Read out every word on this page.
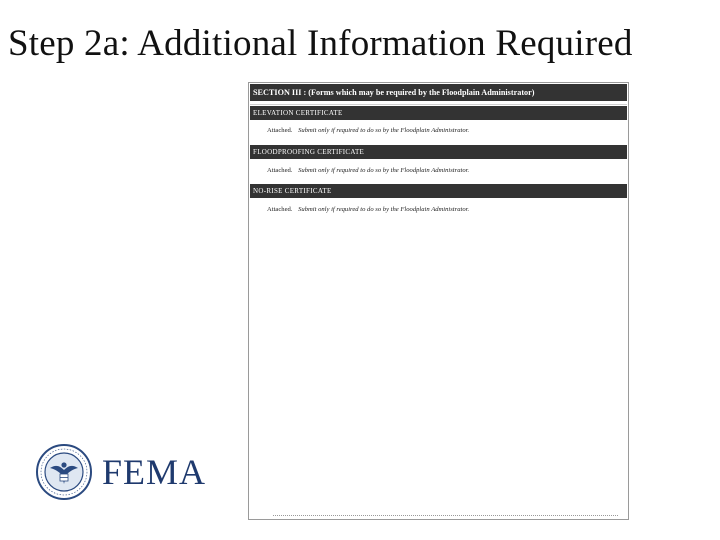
Step 2a: Additional Information Required
SECTION III : (Forms which may be required by the Floodplain Administrator)
ELEVATION CERTIFICATE
Attached. Submit only if required to do so by the Floodplain Administrator.
FLOODPROOFING CERTIFICATE
Attached. Submit only if required to do so by the Floodplain Administrator.
NO-RISE CERTIFICATE
Attached. Submit only if required to do so by the Floodplain Administrator.
FEMA
